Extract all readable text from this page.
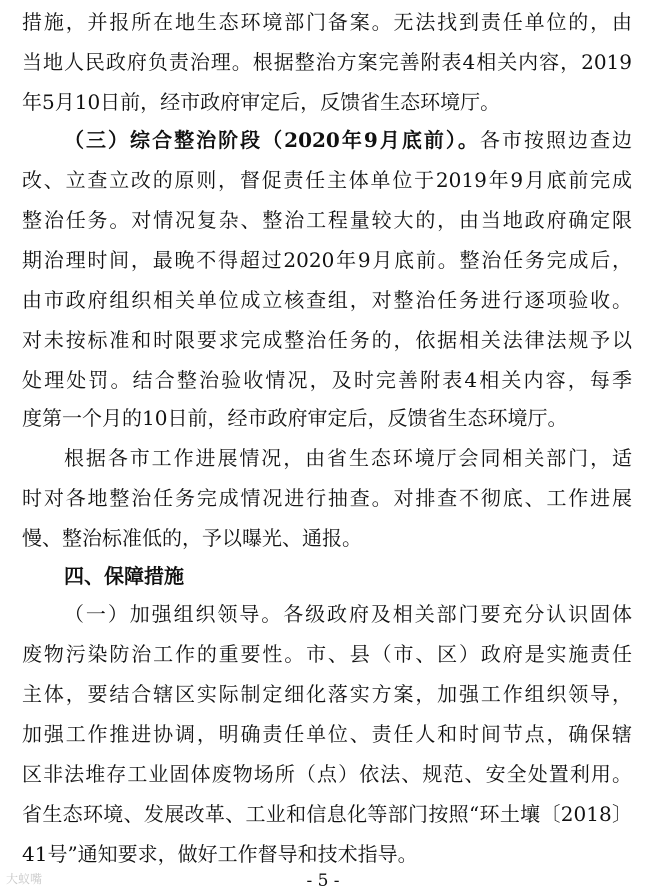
措施，并报所在地生态环境部门备案。无法找到责任单位的，由
当地人民政府负责治理。根据整治方案完善附表4相关内容，2019
年5月10日前，经市政府审定后，反馈省生态环境厅。
（三）综合整治阶段（2020年9月底前）。各市按照边查边
改、立查立改的原则，督促责任主体单位于2019年9月底前完成
整治任务。对情况复杂、整治工程量较大的，由当地政府确定限
期治理时间，最晚不得超过2020年9月底前。整治任务完成后，
由市政府组织相关单位成立核查组，对整治任务进行逐项验收。
对未按标准和时限要求完成整治任务的，依据相关法律法规予以
处理处罚。结合整治验收情况，及时完善附表4相关内容，每季
度第一个月的10日前，经市政府审定后，反馈省生态环境厅。
根据各市工作进展情况，由省生态环境厅会同相关部门，适
时对各地整治任务完成情况进行抽查。对排查不彻底、工作进展
慢、整治标准低的，予以曝光、通报。
四、保障措施
（一）加强组织领导。各级政府及相关部门要充分认识固体
废物污染防治工作的重要性。市、县（市、区）政府是实施责任
主体，要结合辖区实际制定细化落实方案，加强工作组织领导，
加强工作推进协调，明确责任单位、责任人和时间节点，确保辖
区非法堆存工业固体废物场所（点）依法、规范、安全处置利用。
省生态环境、发展改革、工业和信息化等部门按照“环土壤〔2018〕
41号”通知要求，做好工作督导和技术指导。
大蚁嘴	- 5 -
